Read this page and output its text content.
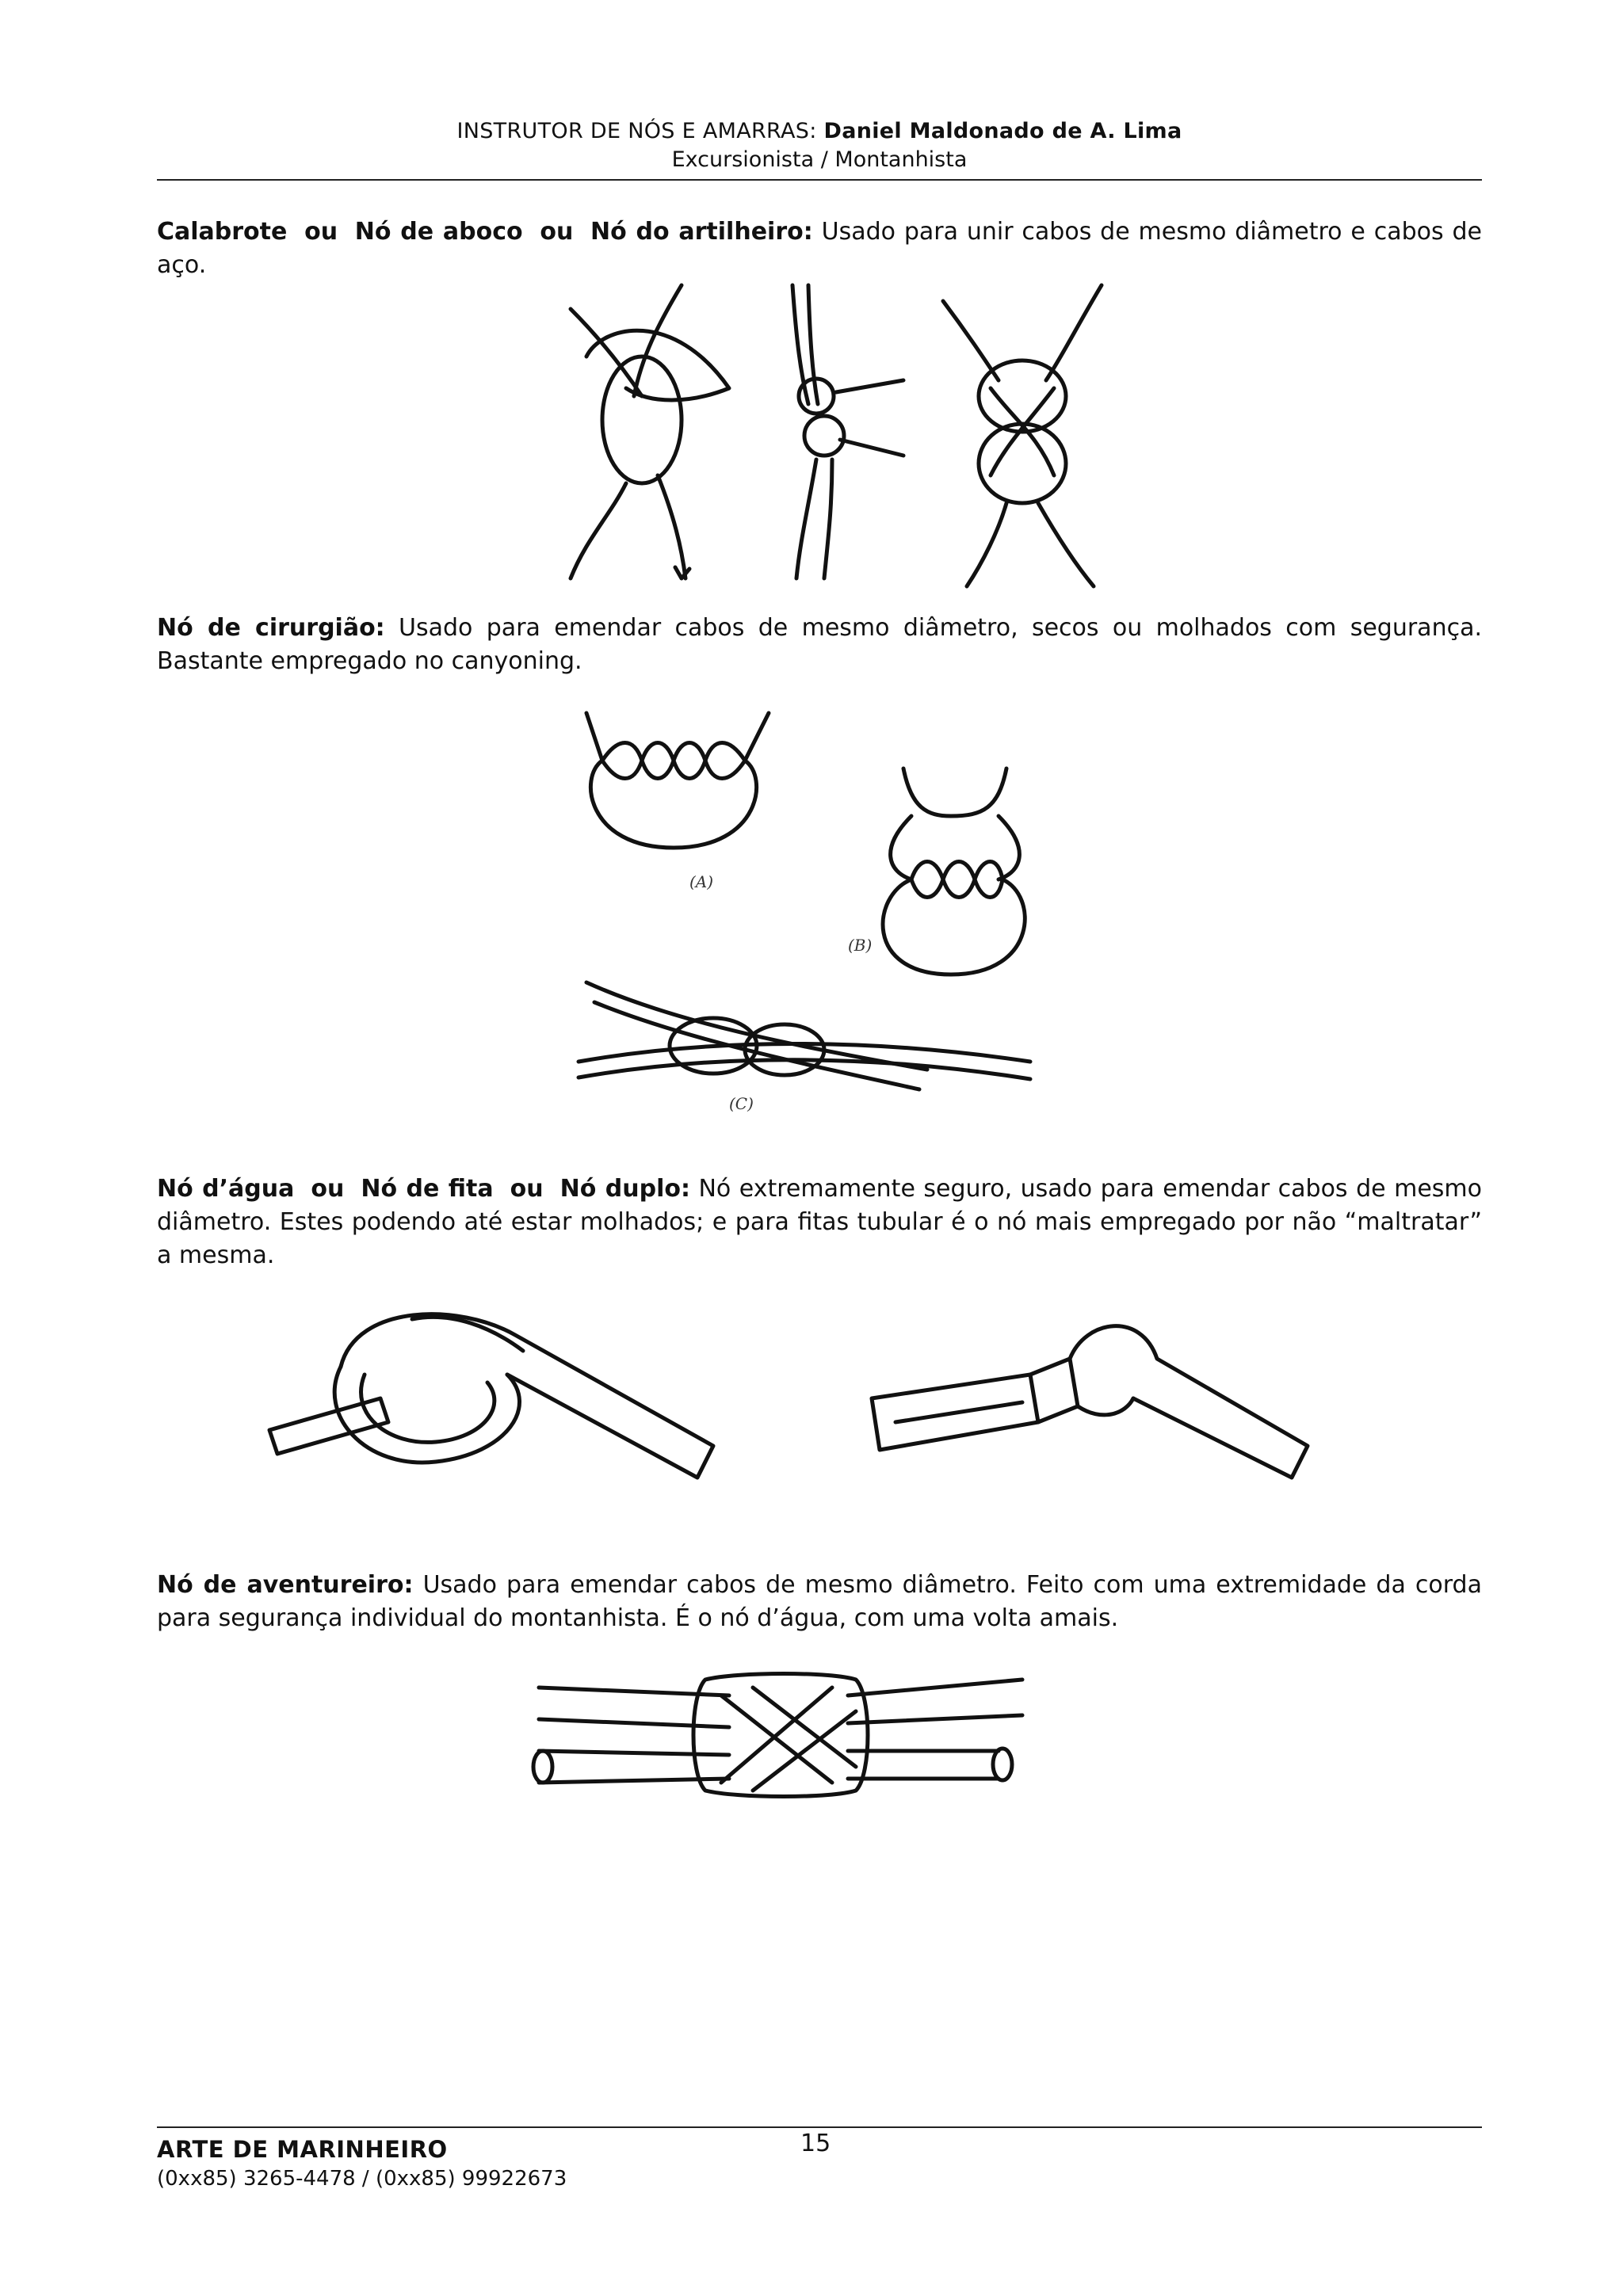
INSTRUTOR DE NÓS E AMARRAS: Daniel Maldonado de A. Lima
Excursionista / Montanhista

Calabrote ou Nó de aboco ou Nó do artilheiro: Usado para unir cabos de mesmo diâmetro e cabos de aço.

Nó de cirurgião: Usado para emendar cabos de mesmo diâmetro, secos ou molhados com segurança. Bastante empregado no canyoning.

(A)
(B)
(C)

Nó d’água ou Nó de fita ou Nó duplo: Nó extremamente seguro, usado para emendar cabos de mesmo diâmetro. Estes podendo até estar molhados; e para fitas tubular é o nó mais empregado por não “maltratar” a mesma.

Nó de aventureiro: Usado para emendar cabos de mesmo diâmetro. Feito com uma extremidade da corda para segurança individual do montanhista. É o nó d’água, com uma volta amais.

ARTE DE MARINHEIRO
(0xx85) 3265-4478 / (0xx85) 99922673
15
